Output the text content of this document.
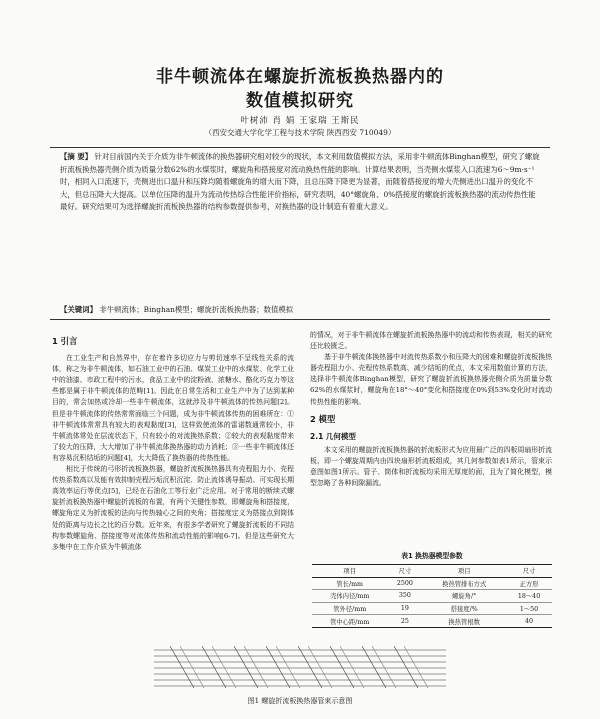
非牛顿流体在螺旋折流板换热器内的
数值模拟研究
叶树沛 肖 娟 王家瑞 王斯民
（西安交通大学化学工程与技术学院 陕西西安 710049）
【摘 要】 针对目前国内关于介质为非牛顿流体的换热器研究相对较少的现状，本文利用数值模拟方法，采用非牛顿流体Binghan模型，研究了螺旋折流板换热器壳侧介质为质量分数62%的水煤浆时，螺旋角和搭接度对流动换热性能的影响。计算结果表明，当壳侧水煤浆入口流速为6～9m·s⁻¹时，相同入口流速下，壳侧进出口温升和压降均随着螺旋角的增大而下降，且总压降下降更为显著，而随着搭接度的增大壳侧进出口温升的变化不大，但总压降大大提高。以单位压降的温升为流动传热综合性能评价指标，研究表明，40°螺旋角、0%搭接度的螺旋折流板换热器的流动传热性能最好。研究结果可为选择螺旋折流板换热器的结构参数提供参考，对换热器的设计制造有着重大意义。
【关键词】 非牛顿流体；Binghan模型；螺旋折流板换热器；数值模拟
1 引言

在工业生产和自然界中，存在着许多切应力与剪切速率不呈线性关系的流体，称之为非牛顿流体，如石油工业中的石油、煤炭工业中的水煤浆、化学工业中的油漆、市政工程中的污水，食品工业中的淀粉液、浓糖水、酪化巧克力等这些都是属于非牛顿流体的范畴[1]。因此在日常生活和工业生产中为了达到某种目的，常会加热或冷却一些非牛顿流体，这就涉及非牛顿流体的传热问题[2]。但是非牛顿流体的传热常常面临三个问题，成为非牛顿流体传热的困难所在：①非牛顿流体常常具有较大的表观黏度[3]，这样致使流体的雷诺数通常较小，非牛顿流体常处在层流状态下，只有较小的对流换热系数；②较大的表观黏度带来了较大的压降，大大增加了非牛顿流体换热器的动力消耗；③一些非牛顿流体还有容易沉积结垢的问题[4]，大大降低了换热器的传热性能。

相比于传统的弓形折流板换热器，螺旋折流板换热器具有壳程阻力小、壳程传热系数高以及能有效抑制壳程污垢沉积沉淀、防止流体诱导振动、可实现长期高效率运行等优点[5]，已经在石油化工等行业广泛应用。对于常用的断续式螺旋折流板换热器中螺旋折流板的布置，有两个关键性参数，即螺旋角和搭接度，螺旋角定义为折流板的法向与传热轴心之间的夹角；搭接度定义为搭接点到筒体处的距离与边长之比的百分数。近年来，有很多学者研究了螺旋折流板的不同结构参数螺旋角、搭接度等对流体传热和流动性能的影响[6-7]。但是这些研究大多集中在工作介质为牛顿流体

的情况，对于非牛顿流体在螺旋折流板换热器中的流动和传热表现，相关的研究还比较匮乏。

基于非牛顿流体换热器中对流传热系数小和压降大的困难和螺旋折流板换热器壳程阻力小、壳程传热系数高、减少结垢的优点，本文采用数值计算的方法，选择非牛顿流体Binghan模型，研究了螺旋折流板换热器壳侧介质为质量分数62%的水煤浆时，螺旋角在18°～40°变化和搭接度在0%到53%变化时对流动传热性能的影响。

2 模型
2.1 几何模型

本文采用的螺旋折流板换热器的折流板形式为应用最广泛的四板周扇形折流板，即一个螺旋周期内由四块扇形折流板组成，其几何参数如表1所示，管束示意图如图1所示。管子、筒体和折流板均采用无厚度的面，且为了简化模型，模型忽略了各种间隙漏流。

表1 换热器模型参数
项目	尺寸	项目	尺寸
管长/mm	2500	换热管排布方式	正方形
壳体内径/mm	350	螺旋角/°	18～40
管外径/mm	19	搭接度/%	1～50
管中心距/mm	25	换热管根数	40
图1 螺旋折流板换热器管束示意图
